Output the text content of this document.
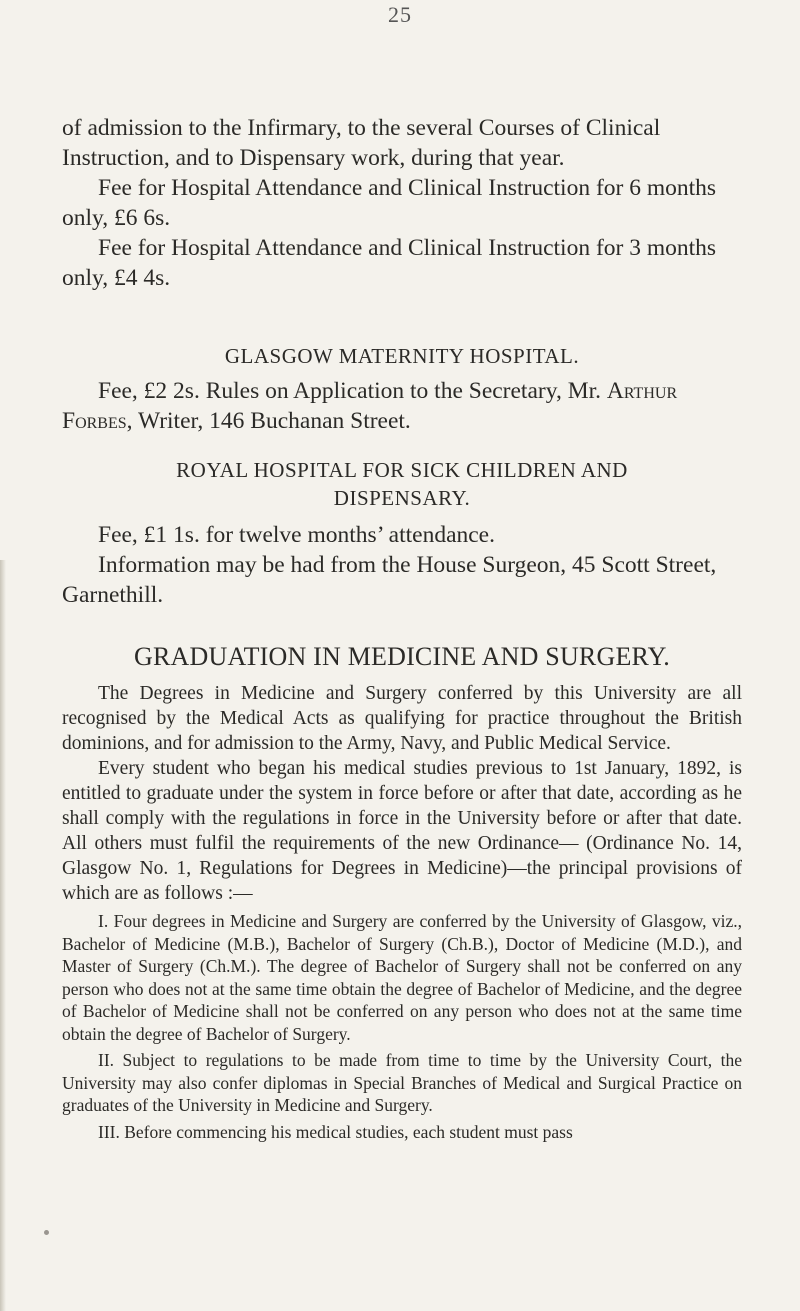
25

of admission to the Infirmary, to the several Courses of Clinical Instruction, and to Dispensary work, during that year.

Fee for Hospital Attendance and Clinical Instruction for 6 months only, £6 6s.

Fee for Hospital Attendance and Clinical Instruction for 3 months only, £4 4s.

GLASGOW MATERNITY HOSPITAL.

Fee, £2 2s. Rules on Application to the Secretary, Mr. Arthur Forbes, Writer, 146 Buchanan Street.

ROYAL HOSPITAL FOR SICK CHILDREN AND

DISPENSARY.

Fee, £1 1s. for twelve months’ attendance.

Information may be had from the House Surgeon, 45 Scott Street, Garnethill.

GRADUATION IN MEDICINE AND SURGERY.

The Degrees in Medicine and Surgery conferred by this University are all recognised by the Medical Acts as qualifying for practice throughout the British dominions, and for admission to the Army, Navy, and Public Medical Service.

Every student who began his medical studies previous to 1st January, 1892, is entitled to graduate under the system in force before or after that date, according as he shall comply with the regulations in force in the University before or after that date. All others must fulfil the requirements of the new Ordinance— (Ordinance No. 14, Glasgow No. 1, Regulations for Degrees in Medicine)—the principal provisions of which are as follows :—

I. Four degrees in Medicine and Surgery are conferred by the University of Glasgow, viz., Bachelor of Medicine (M.B.), Bachelor of Surgery (Ch.B.), Doctor of Medicine (M.D.), and Master of Surgery (Ch.M.). The degree of Bachelor of Surgery shall not be conferred on any person who does not at the same time obtain the degree of Bachelor of Medicine, and the degree of Bachelor of Medicine shall not be conferred on any person who does not at the same time obtain the degree of Bachelor of Surgery.

II. Subject to regulations to be made from time to time by the University Court, the University may also confer diplomas in Special Branches of Medical and Surgical Practice on graduates of the University in Medicine and Surgery.

III. Before commencing his medical studies, each student must pass
